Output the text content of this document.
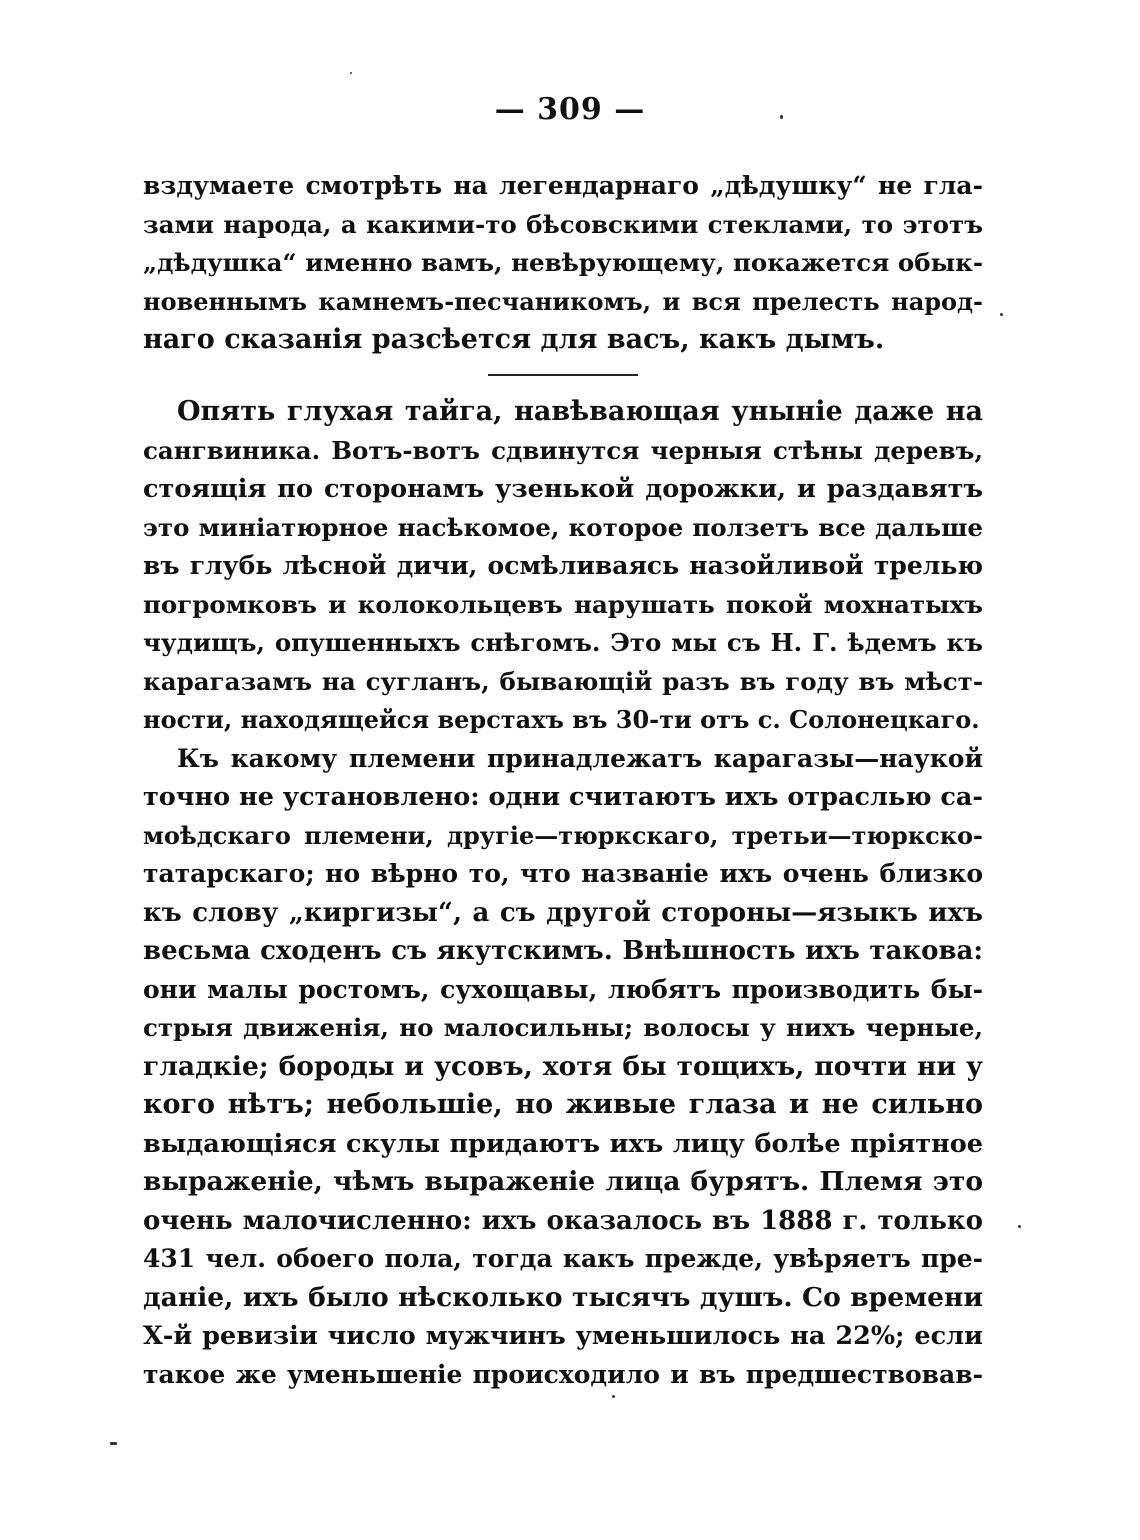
— 309 —
вздумаете смотрѣть на легендарнаго „дѣдушку“ не гла-
зами народа, а какими-то бѣсовскими стеклами, то этотъ
„дѣдушка“ именно вамъ, невѣрующему, покажется обык-
новеннымъ камнемъ-песчаникомъ, и вся прелесть народ-
наго сказанія разсѣется для васъ, какъ дымъ.
Опять глухая тайга, навѣвающая уныніе даже на
сангвиника. Вотъ-вотъ сдвинутся черныя стѣны деревъ,
стоящія по сторонамъ узенькой дорожки, и раздавятъ
это миніатюрное насѣкомое, которое ползетъ все дальше
въ глубь лѣсной дичи, осмѣливаясь назойливой трелью
погромковъ и колокольцевъ нарушать покой мохнатыхъ
чудищъ, опушенныхъ снѣгомъ. Это мы съ Н. Г. ѣдемъ къ
карагазамъ на сугланъ, бывающій разъ въ году въ мѣст-
ности, находящейся верстахъ въ 30-ти отъ с. Солонецкаго.
Къ какому племени принадлежатъ карагазы—наукой
точно не установлено: одни считаютъ ихъ отраслью са-
моѣдскаго племени, другіе—тюркскаго, третьи—тюркско-
татарскаго; но вѣрно то, что названіе ихъ очень близко
къ слову „киргизы“, а съ другой стороны—языкъ ихъ
весьма сходенъ съ якутскимъ. Внѣшность ихъ такова:
они малы ростомъ, сухощавы, любятъ производить бы-
стрыя движенія, но малосильны; волосы у нихъ черные,
гладкіе; бороды и усовъ, хотя бы тощихъ, почти ни у
кого нѣтъ; небольшіе, но живые глаза и не сильно
выдающіяся скулы придаютъ ихъ лицу болѣе пріятное
выраженіе, чѣмъ выраженіе лица бурятъ. Племя это
очень малочисленно: ихъ оказалось въ 1888 г. только
431 чел. обоего пола, тогда какъ прежде, увѣряетъ пре-
даніе, ихъ было нѣсколько тысячъ душъ. Со времени
Х-й ревизіи число мужчинъ уменьшилось на 22%; если
такое же уменьшеніе происходило и въ предшествовав-
